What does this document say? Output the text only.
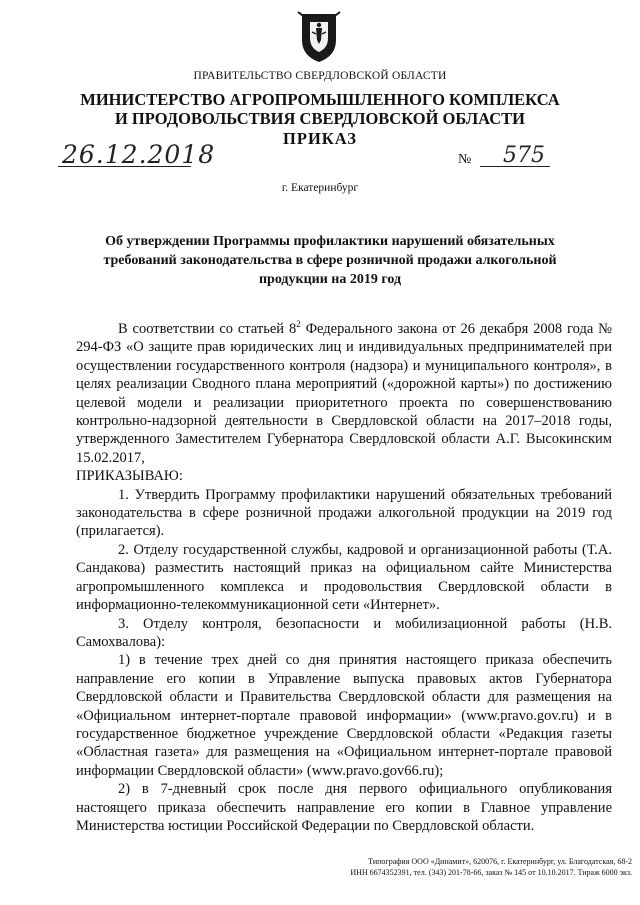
ПРАВИТЕЛЬСТВО СВЕРДЛОВСКОЙ ОБЛАСТИ
МИНИСТЕРСТВО АГРОПРОМЫШЛЕННОГО КОМПЛЕКСА
И ПРОДОВОЛЬСТВИЯ СВЕРДЛОВСКОЙ ОБЛАСТИ
ПРИКАЗ
26.12.2018	№ 575
г. Екатеринбург
Об утверждении Программы профилактики нарушений обязательных требований законодательства в сфере розничной продажи алкогольной продукции на 2019 год

В соответствии со статьей $8^2$ Федерального закона от 26 декабря 2008 года № 294-ФЗ «О защите прав юридических лиц и индивидуальных предпринимателей при осуществлении государственного контроля (надзора) и муниципального контроля», в целях реализации Сводного плана мероприятий («дорожной карты») по достижению целевой модели и реализации приоритетного проекта по совершенствованию контрольно-надзорной деятельности в Свердловской области на 2017–2018 годы, утвержденного Заместителем Губернатора Свердловской области А.Г. Высокинским 15.02.2017,

ПРИКАЗЫВАЮ:

1. Утвердить Программу профилактики нарушений обязательных требований законодательства в сфере розничной продажи алкогольной продукции на 2019 год (прилагается).

2. Отделу государственной службы, кадровой и организационной работы (Т.А. Сандакова) разместить настоящий приказ на официальном сайте Министерства агропромышленного комплекса и продовольствия Свердловской области в информационно-телекоммуникационной сети «Интернет».

3. Отделу контроля, безопасности и мобилизационной работы (Н.В. Самохвалова):

1) в течение трех дней со дня принятия настоящего приказа обеспечить направление его копии в Управление выпуска правовых актов Губернатора Свердловской области и Правительства Свердловской области для размещения на «Официальном интернет-портале правовой информации» (www.pravo.gov.ru) и в государственное бюджетное учреждение Свердловской области «Редакция газеты «Областная газета» для размещения на «Официальном интернет-портале правовой информации Свердловской области» (www.pravo.gov66.ru);

2) в 7-дневный срок после дня первого официального опубликования настоящего приказа обеспечить направление его копии в Главное управление Министерства юстиции Российской Федерации по Свердловской области.

Типография ООО «Динамит», 620076, г. Екатеринбург, ул. Благодатская, 68-2
ИНН 6674352391, тел. (343) 201-78-66, заказ № 145 от 10.10.2017. Тираж 6000 экз.
